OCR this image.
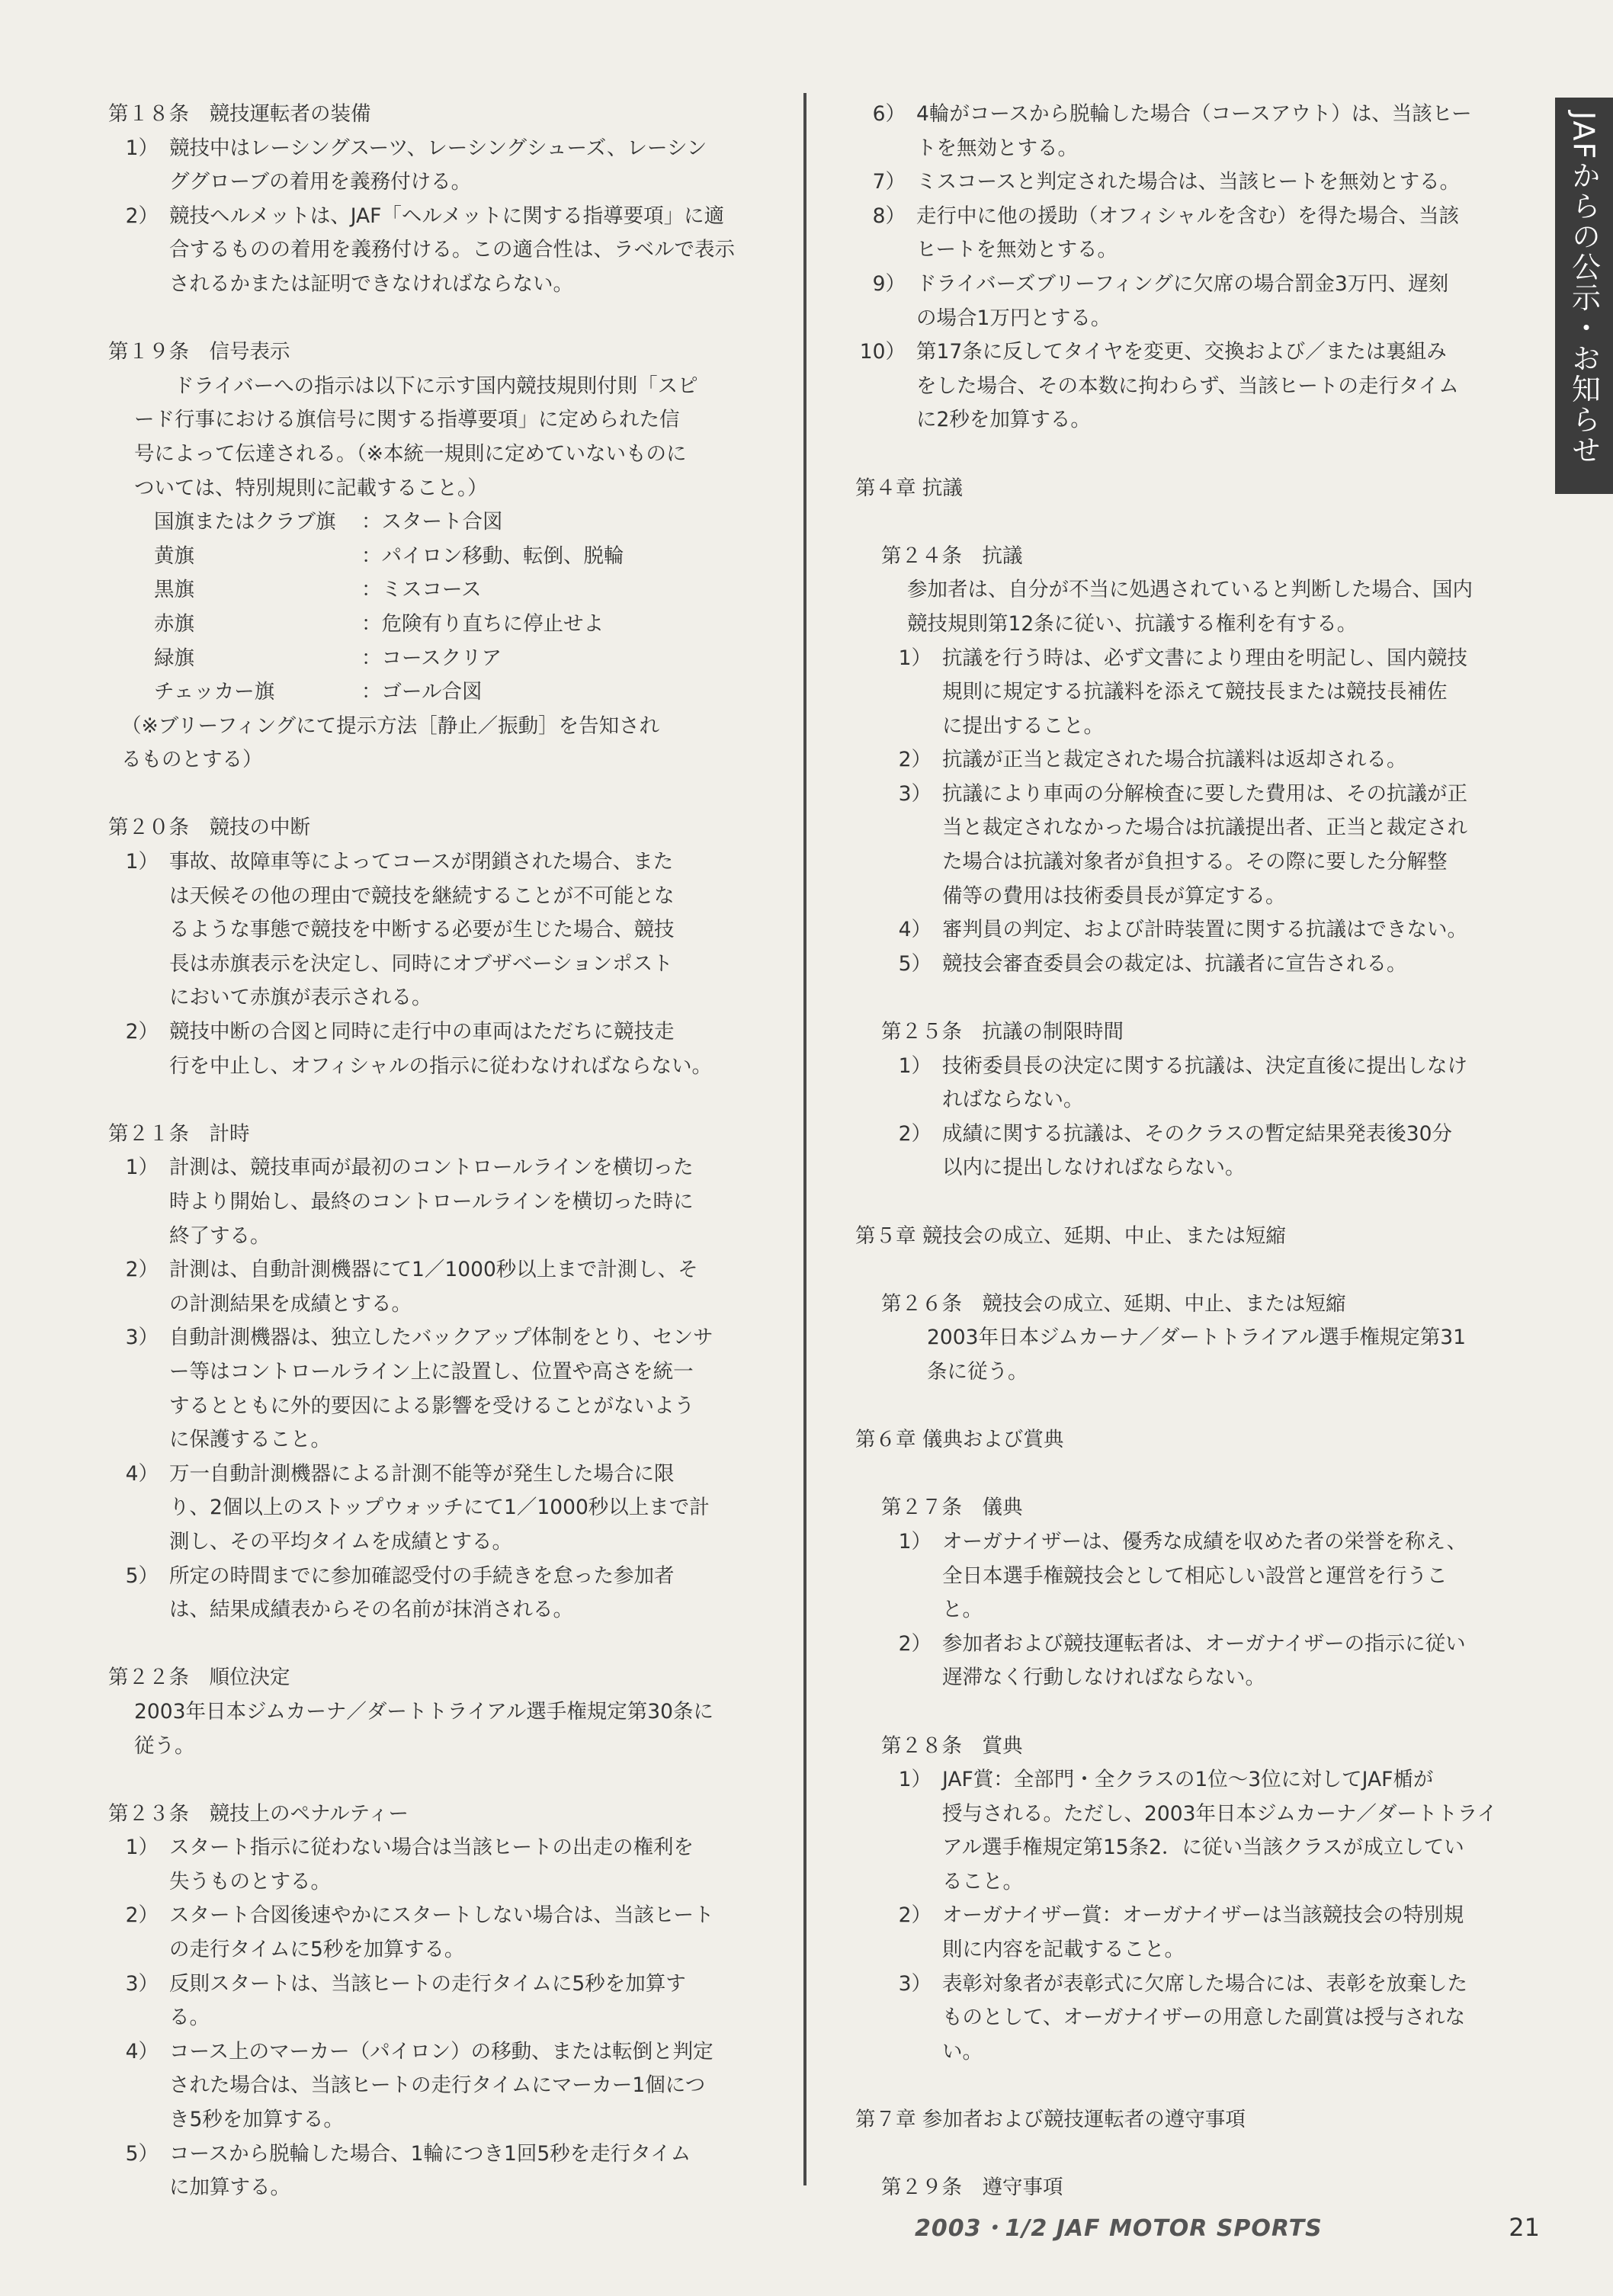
JAFからの公示・お知らせ
第１８条　競技運転者の装備
1） 競技中はレーシングスーツ、レーシングシューズ、レーシン
ググローブの着用を義務付ける。
2） 競技ヘルメットは、JAF「ヘルメットに関する指導要項」に適
合するものの着用を義務付ける。この適合性は、ラベルで表示
されるかまたは証明できなければならない。
第１９条　信号表示
ドライバーへの指示は以下に示す国内競技規則付則「スピ
ード行事における旗信号に関する指導要項」に定められた信
号によって伝達される。（※本統一規則に定めていないものに
ついては、特別規則に記載すること。）
国旗またはクラブ旗	：スタート合図
黄旗	：パイロン移動、転倒、脱輪
黒旗	：ミスコース
赤旗	：危険有り直ちに停止せよ
緑旗	：コースクリア
チェッカー旗	：ゴール合図
（※ブリーフィングにて提示方法［静止／振動］を告知され
るものとする）
第２０条　競技の中断
1） 事故、故障車等によってコースが閉鎖された場合、また
は天候その他の理由で競技を継続することが不可能とな
るような事態で競技を中断する必要が生じた場合、競技
長は赤旗表示を決定し、同時にオブザベーションポスト
において赤旗が表示される。
2） 競技中断の合図と同時に走行中の車両はただちに競技走
行を中止し、オフィシャルの指示に従わなければならない。
第２１条　計時
1） 計測は、競技車両が最初のコントロールラインを横切った
時より開始し、最終のコントロールラインを横切った時に
終了する。
2） 計測は、自動計測機器にて1／1000秒以上まで計測し、そ
の計測結果を成績とする。
3） 自動計測機器は、独立したバックアップ体制をとり、センサ
ー等はコントロールライン上に設置し、位置や高さを統一
するとともに外的要因による影響を受けることがないよう
に保護すること。
4） 万一自動計測機器による計測不能等が発生した場合に限
り、2個以上のストップウォッチにて1／1000秒以上まで計
測し、その平均タイムを成績とする。
5） 所定の時間までに参加確認受付の手続きを怠った参加者
は、結果成績表からその名前が抹消される。
第２２条　順位決定
2003年日本ジムカーナ／ダートトライアル選手権規定第30条に
従う。
第２３条　競技上のペナルティー
1） スタート指示に従わない場合は当該ヒートの出走の権利を
失うものとする。
2） スタート合図後速やかにスタートしない場合は、当該ヒート
の走行タイムに5秒を加算する。
3） 反則スタートは、当該ヒートの走行タイムに5秒を加算す
る。
4） コース上のマーカー（パイロン）の移動、または転倒と判定
された場合は、当該ヒートの走行タイムにマーカー1個につ
き5秒を加算する。
5） コースから脱輪した場合、1輪につき1回5秒を走行タイム
に加算する。
6） 4輪がコースから脱輪した場合（コースアウト）は、当該ヒー
トを無効とする。
7） ミスコースと判定された場合は、当該ヒートを無効とする。
8） 走行中に他の援助（オフィシャルを含む）を得た場合、当該
ヒートを無効とする。
9） ドライバーズブリーフィングに欠席の場合罰金3万円、遅刻
の場合1万円とする。
10） 第17条に反してタイヤを変更、交換および／または裏組み
をした場合、その本数に拘わらず、当該ヒートの走行タイム
に2秒を加算する。
第４章 抗議
第２４条　抗議
参加者は、自分が不当に処遇されていると判断した場合、国内
競技規則第12条に従い、抗議する権利を有する。
1） 抗議を行う時は、必ず文書により理由を明記し、国内競技
規則に規定する抗議料を添えて競技長または競技長補佐
に提出すること。
2） 抗議が正当と裁定された場合抗議料は返却される。
3） 抗議により車両の分解検査に要した費用は、その抗議が正
当と裁定されなかった場合は抗議提出者、正当と裁定され
た場合は抗議対象者が負担する。その際に要した分解整
備等の費用は技術委員長が算定する。
4） 審判員の判定、および計時装置に関する抗議はできない。
5） 競技会審査委員会の裁定は、抗議者に宣告される。
第２５条　抗議の制限時間
1） 技術委員長の決定に関する抗議は、決定直後に提出しなけ
ればならない。
2） 成績に関する抗議は、そのクラスの暫定結果発表後30分
以内に提出しなければならない。
第５章 競技会の成立、延期、中止、または短縮
第２６条　競技会の成立、延期、中止、または短縮
2003年日本ジムカーナ／ダートトライアル選手権規定第31
条に従う。
第６章 儀典および賞典
第２７条　儀典
1） オーガナイザーは、優秀な成績を収めた者の栄誉を称え、
全日本選手権競技会として相応しい設営と運営を行うこ
と。
2） 参加者および競技運転者は、オーガナイザーの指示に従い
遅滞なく行動しなければならない。
第２８条　賞典
1） JAF賞：全部門・全クラスの1位～3位に対してJAF楯が
授与される。ただし、2003年日本ジムカーナ／ダートトライ
アル選手権規定第15条2．に従い当該クラスが成立してい
ること。
2） オーガナイザー賞：オーガナイザーは当該競技会の特別規
則に内容を記載すること。
3） 表彰対象者が表彰式に欠席した場合には、表彰を放棄した
ものとして、オーガナイザーの用意した副賞は授与されな
い。
第７章 参加者および競技運転者の遵守事項
第２９条　遵守事項
2003・1/2 JAF MOTOR SPORTS	21
